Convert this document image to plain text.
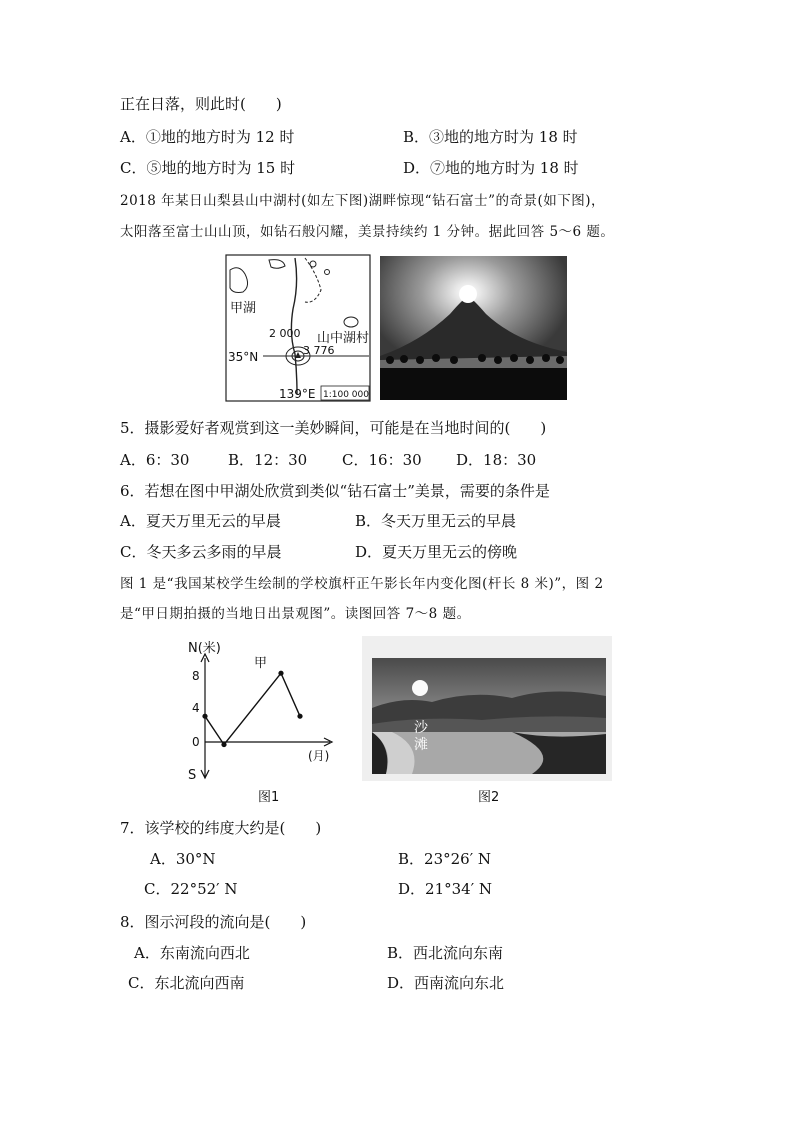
正在日落，则此时(　　)
A．①地的地方时为 12 时	B．③地的地方时为 18 时
C．⑤地的地方时为 15 时	D．⑦地的地方时为 18 时
2018 年某日山梨县山中湖村(如左下图)湖畔惊现“钻石富士”的奇景(如下图)，
太阳落至富士山山顶，如钻石般闪耀，美景持续约 1 分钟。据此回答 5～6 题。
甲湖
山中湖村
2 000
3 776
35°N
139°E 1:100 000
5．摄影爱好者观赏到这一美妙瞬间，可能是在当地时间的(　　)
A．6：30	B．12：30 C．16：30 D．18：30
6．若想在图中甲湖处欣赏到类似“钻石富士”美景，需要的条件是
A．夏天万里无云的早晨	B．冬天万里无云的早晨
C．冬天多云多雨的早晨	D．夏天万里无云的傍晚
图 1 是“我国某校学生绘制的学校旗杆正午影长年内变化图(杆长 8 米)”，图 2
是“甲日期拍摄的当地日出景观图”。读图回答 7～8 题。
N(米)
(月)
S
8
4
0
甲
图1
沙
滩
图2
7．该学校的纬度大约是(　　)
A．30°N	B．23°26′ N
C．22°52′ N	D．21°34′ N
8．图示河段的流向是(　　)
A．东南流向西北	B．西北流向东南
C．东北流向西南	D．西南流向东北
